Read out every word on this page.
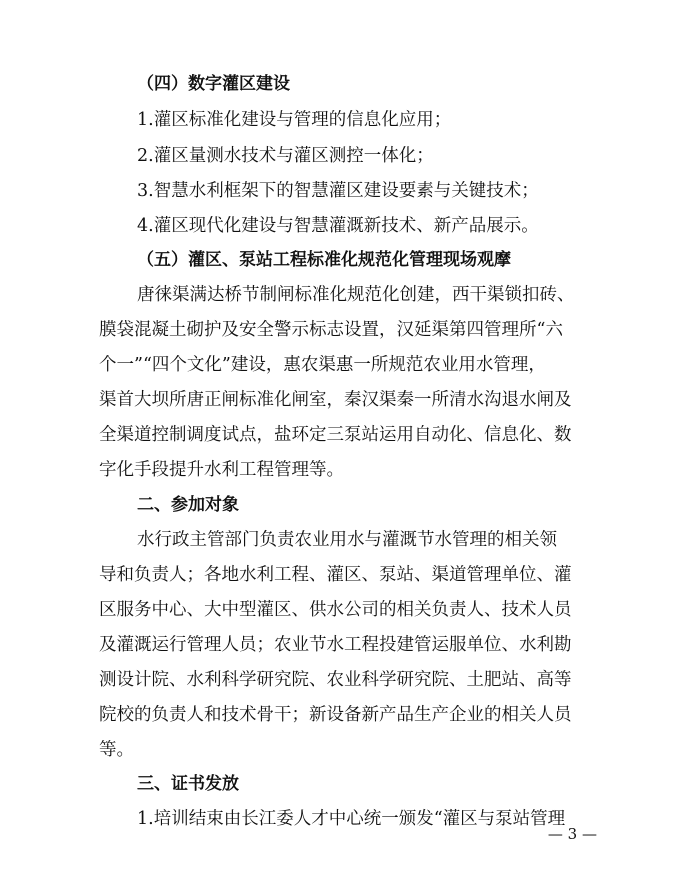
（四）数字灌区建设
1.灌区标准化建设与管理的信息化应用；
2.灌区量测水技术与灌区测控一体化；
3.智慧水利框架下的智慧灌区建设要素与关键技术；
4.灌区现代化建设与智慧灌溉新技术、新产品展示。
（五）灌区、泵站工程标准化规范化管理现场观摩
唐徕渠满达桥节制闸标准化规范化创建，西干渠锁扣砖、
膜袋混凝土砌护及安全警示标志设置，汉延渠第四管理所“六
个一”“四个文化”建设，惠农渠惠一所规范农业用水管理，
渠首大坝所唐正闸标准化闸室，秦汉渠秦一所清水沟退水闸及
全渠道控制调度试点，盐环定三泵站运用自动化、信息化、数
字化手段提升水利工程管理等。
二、参加对象
水行政主管部门负责农业用水与灌溉节水管理的相关领
导和负责人；各地水利工程、灌区、泵站、渠道管理单位、灌
区服务中心、大中型灌区、供水公司的相关负责人、技术人员
及灌溉运行管理人员；农业节水工程投建管运服单位、水利勘
测设计院、水利科学研究院、农业科学研究院、土肥站、高等
院校的负责人和技术骨干；新设备新产品生产企业的相关人员
等。
三、证书发放
1.培训结束由长江委人才中心统一颁发“灌区与泵站管理
— 3 —
